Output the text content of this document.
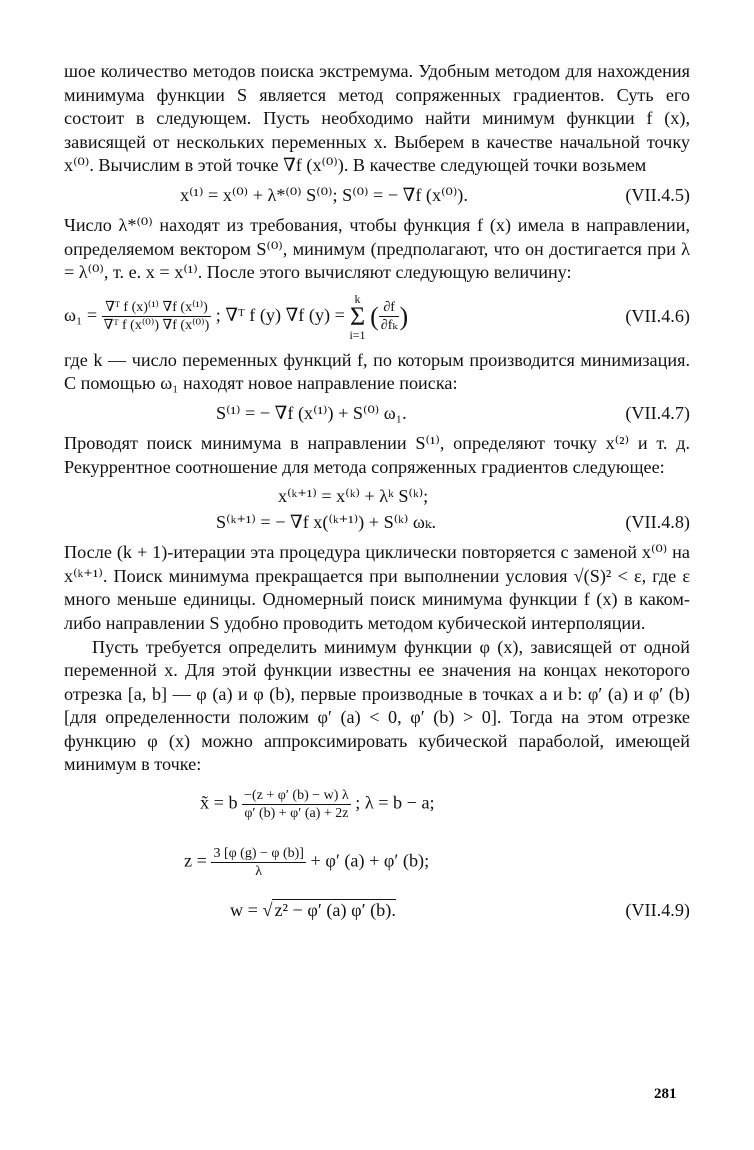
шое количество методов поиска экстремума. Удобным методом для нахождения минимума функции S является метод сопряженных градиентов. Суть его состоит в следующем. Пусть необходимо найти минимум функции f (x), зависящей от нескольких переменных x. Выберем в качестве начальной точку x⁽⁰⁾. Вычислим в этой точке ∇f (x⁽⁰⁾). В качестве следующей точки возьмем

x⁽¹⁾ = x⁽⁰⁾ + λ*⁽⁰⁾ S⁽⁰⁾; S⁽⁰⁾ = − ∇f (x⁽⁰⁾).	(VII.4.5)

Число λ*⁽⁰⁾ находят из требования, чтобы функция f (x) имела в направлении, определяемом вектором S⁽⁰⁾, минимум (предполагают, что он достигается при λ = λ⁽⁰⁾, т. е. x = x⁽¹⁾. После этого вычисляют следующую величину:

$\omega_1 = \frac{\text{∇ᵀ f (x)⁽¹⁾ ∇f (x⁽¹⁾)}}{\text{∇ᵀ f (x⁽⁰⁾) ∇f (x⁽⁰⁾)}}$ ; ∇ᵀ f (y) ∇f (y) = k
Σ
i=1 ( $\frac{\partial f}{\text{∂fₖ}}$ )	(VII.4.6)

где k — число переменных функций f, по которым производится минимизация. С помощью ω₁ находят новое направление поиска:

S⁽¹⁾ = − ∇f (x⁽¹⁾) + S⁽⁰⁾ ω₁.	(VII.4.7)

Проводят поиск минимума в направлении S⁽¹⁾, определяют точку x⁽²⁾ и т. д. Рекуррентное соотношение для метода сопряженных градиентов следующее:

x⁽ᵏ⁺¹⁾ = x⁽ᵏ⁾ + λᵏ S⁽ᵏ⁾;
S⁽ᵏ⁺¹⁾ = − ∇f x(⁽ᵏ⁺¹⁾) + S⁽ᵏ⁾ ωₖ.	(VII.4.8)

После (k + 1)-итерации эта процедура циклически повторяется с заменой x⁽⁰⁾ на x⁽ᵏ⁺¹⁾. Поиск минимума прекращается при выполнении условия √(S)² < ε, где ε много меньше единицы. Одномерный поиск минимума функции f (x) в каком-либо направлении S удобно проводить методом кубической интерполяции.

Пусть требуется определить минимум функции φ (x), зависящей от одной переменной x. Для этой функции известны ее значения на концах некоторого отрезка [a, b] — φ (a) и φ (b), первые производные в точках a и b: φ′ (a) и φ′ (b) [для определенности положим φ′ (a) < 0, φ′ (b) > 0]. Тогда на этом отрезке функцию φ (x) можно аппроксимировать кубической параболой, имеющей минимум в точке:

x̃ = b $\frac{-(z + \varphi' (b) - w) \lambda}{\varphi' (b) + \varphi' (a) + 2z}$ ; λ = b − a;
$z = \frac{3 [\varphi (g) - \varphi (b)]}{\lambda} + \varphi'$ (a) + φ′ (b);
w = √ z² − φ′ (a) φ′ (b).	(VII.4.9)
281
